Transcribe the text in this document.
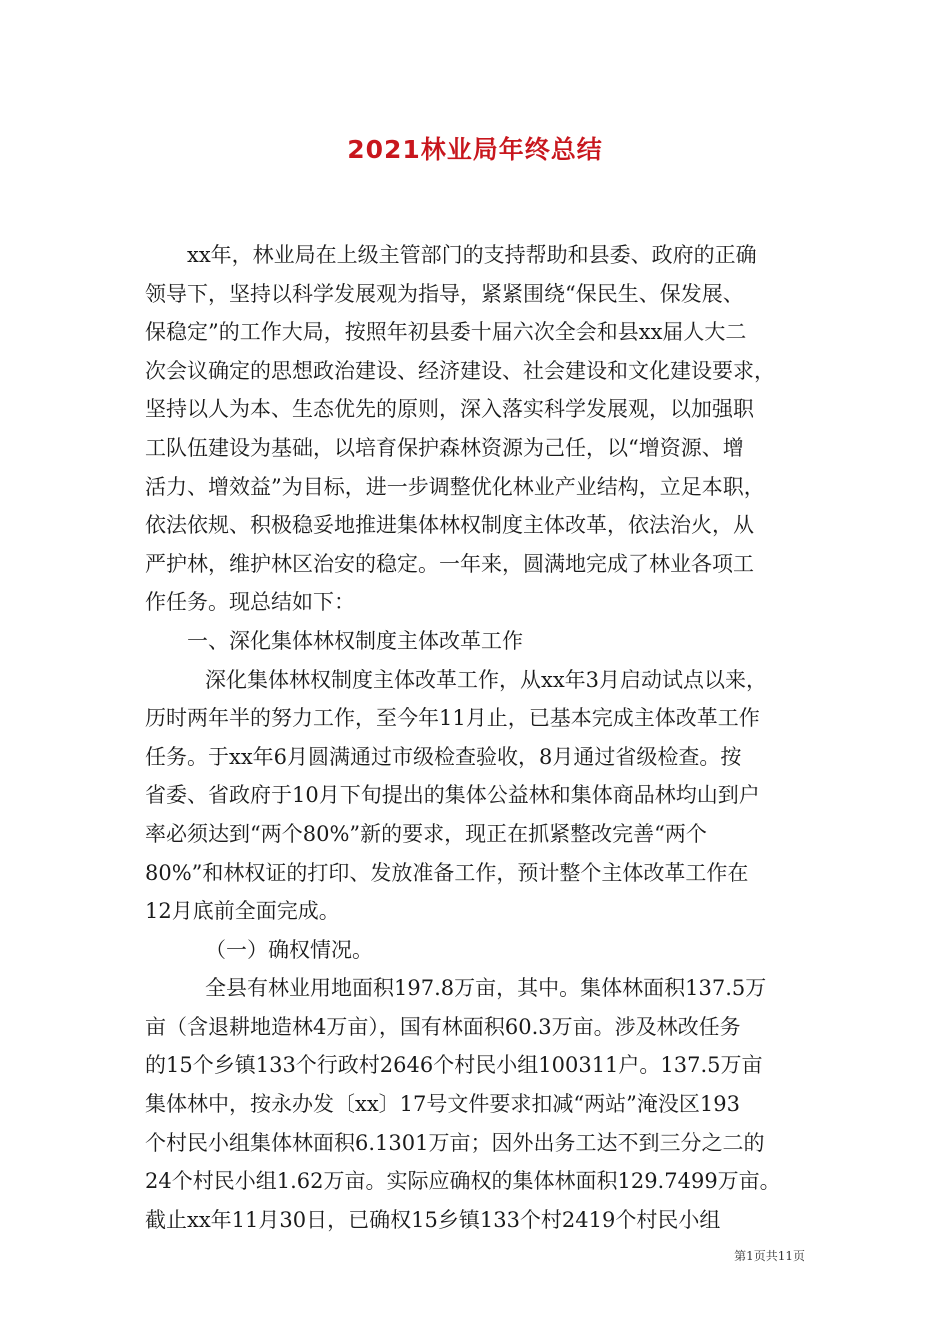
2021林业局年终总结
xx年，林业局在上级主管部门的支持帮助和县委、政府的正确
领导下，坚持以科学发展观为指导，紧紧围绕“保民生、保发展、
保稳定”的工作大局，按照年初县委十届六次全会和县xx届人大二
次会议确定的思想政治建设、经济建设、社会建设和文化建设要求，
坚持以人为本、生态优先的原则，深入落实科学发展观，以加强职
工队伍建设为基础，以培育保护森林资源为己任，以“增资源、增
活力、增效益”为目标，进一步调整优化林业产业结构，立足本职，
依法依规、积极稳妥地推进集体林权制度主体改革，依法治火，从
严护林，维护林区治安的稳定。一年来，圆满地完成了林业各项工
作任务。现总结如下：
一、深化集体林权制度主体改革工作
深化集体林权制度主体改革工作，从xx年3月启动试点以来，
历时两年半的努力工作，至今年11月止，已基本完成主体改革工作
任务。于xx年6月圆满通过市级检查验收，8月通过省级检查。按
省委、省政府于10月下旬提出的集体公益林和集体商品林均山到户
率必须达到“两个80%”新的要求，现正在抓紧整改完善“两个
80%”和林权证的打印、发放准备工作，预计整个主体改革工作在
12月底前全面完成。
（一）确权情况。
全县有林业用地面积197.8万亩，其中。集体林面积137.5万
亩（含退耕地造林4万亩），国有林面积60.3万亩。涉及林改任务
的15个乡镇133个行政村2646个村民小组100311户。137.5万亩
集体林中，按永办发〔xx〕17号文件要求扣减“两站”淹没区193
个村民小组集体林面积6.1301万亩；因外出务工达不到三分之二的
24个村民小组1.62万亩。实际应确权的集体林面积129.7499万亩。
截止xx年11月30日，已确权15乡镇133个村2419个村民小组
第1页共11页
